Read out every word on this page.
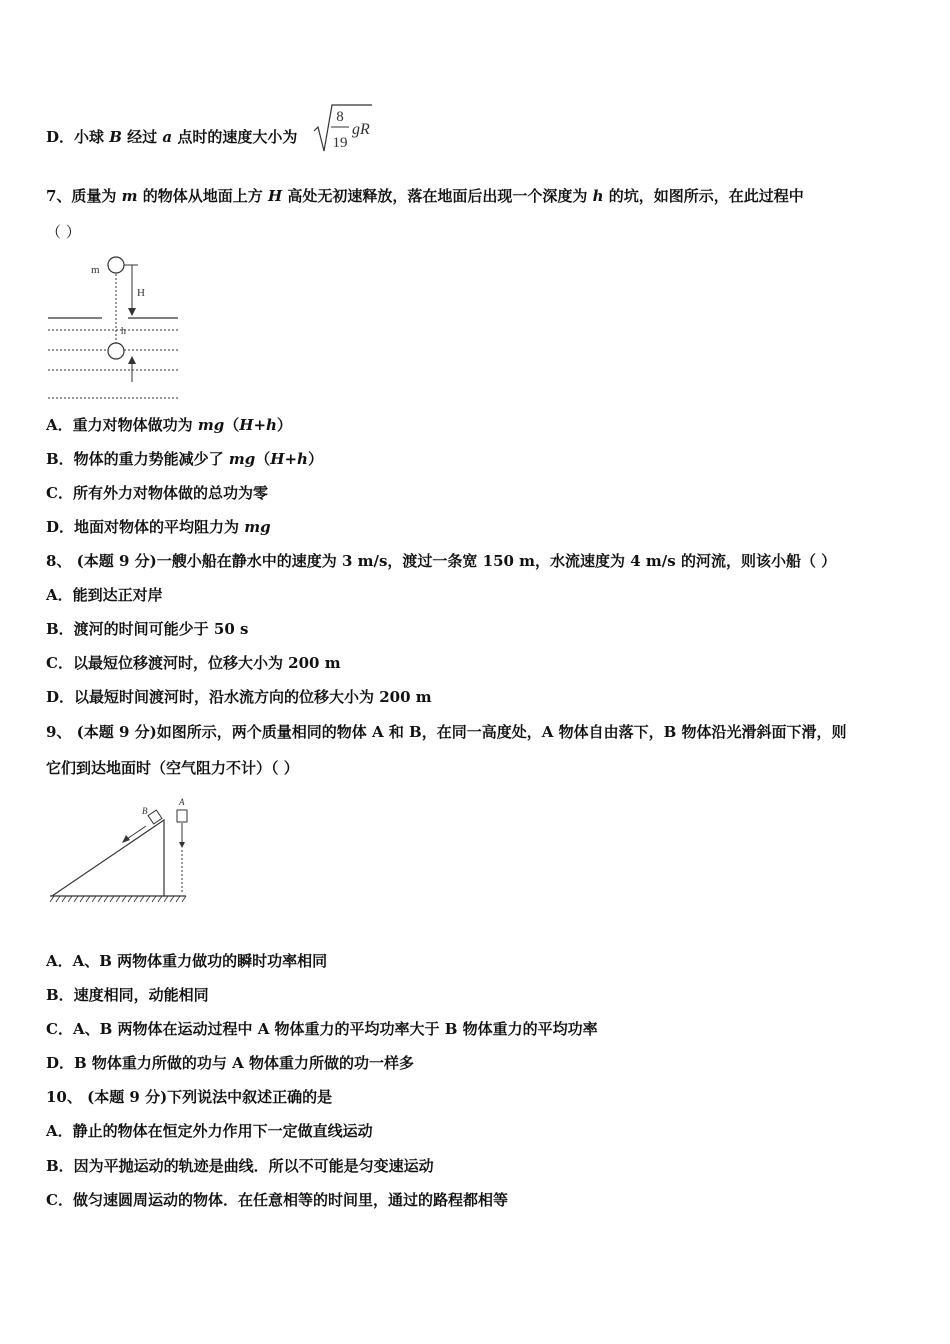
D．小球 B 经过 a 点时的速度大小为
8
19
gR
7、质量为 m 的物体从地面上方 H 高处无初速释放，落在地面后出现一个深度为 h 的坑，如图所示，在此过程中
（ ）
m
H
h
A．重力对物体做功为 mg（H+h）
B．物体的重力势能减少了 mg（H+h）
C．所有外力对物体做的总功为零
D．地面对物体的平均阻力为 mg
8、 (本题 9 分)一艘小船在静水中的速度为 3 m/s，渡过一条宽 150 m，水流速度为 4 m/s 的河流，则该小船（ ）
A．能到达正对岸
B．渡河的时间可能少于 50 s
C．以最短位移渡河时，位移大小为 200 m
D．以最短时间渡河时，沿水流方向的位移大小为 200 m
9、 (本题 9 分)如图所示，两个质量相同的物体 A 和 B，在同一高度处，A 物体自由落下，B 物体沿光滑斜面下滑，则
它们到达地面时（空气阻力不计）（ ）
B
A
A．A、B 两物体重力做功的瞬时功率相同
B．速度相同，动能相同
C．A、B 两物体在运动过程中 A 物体重力的平均功率大于 B 物体重力的平均功率
D．B 物体重力所做的功与 A 物体重力所做的功一样多
10、 (本题 9 分)下列说法中叙述正确的是
A．静止的物体在恒定外力作用下一定做直线运动
B．因为平抛运动的轨迹是曲线．所以不可能是匀变速运动
C．做匀速圆周运动的物体．在任意相等的时间里，通过的路程都相等
